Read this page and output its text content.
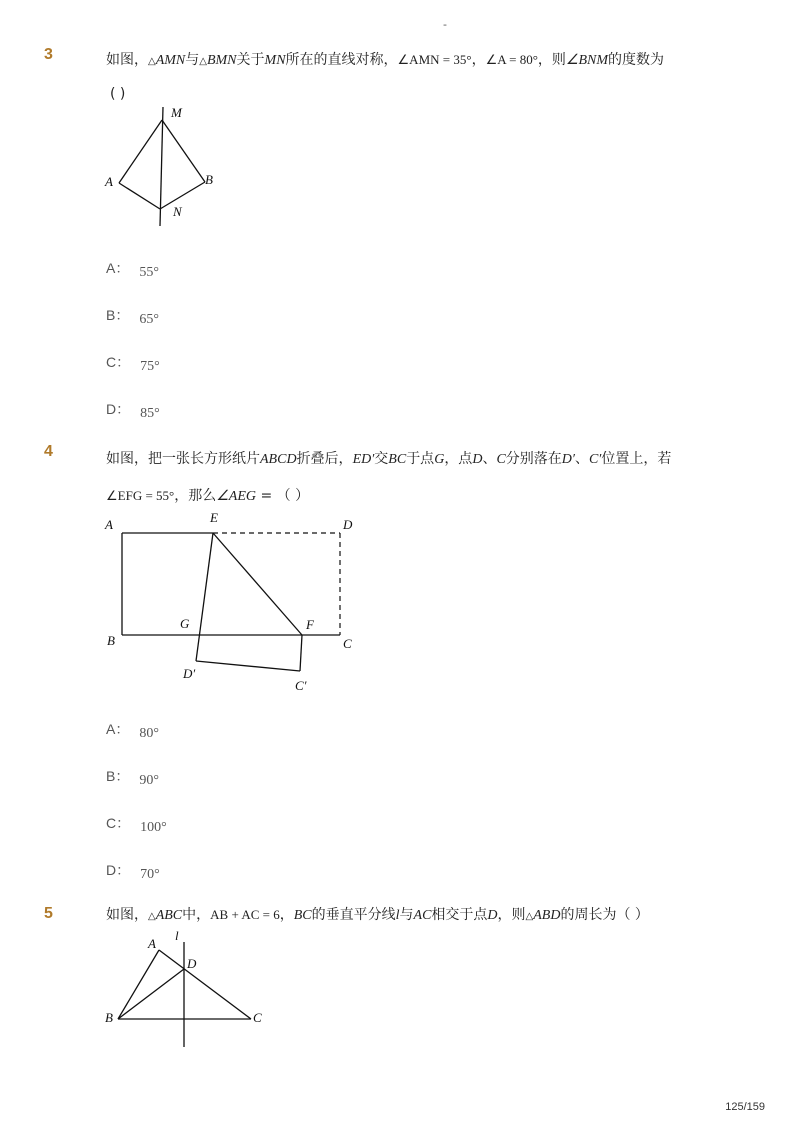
-
3	如图，△AMN与△BMN关于MN所在的直线对称，∠AMN = 35°，∠A = 80°，则∠BNM的度数为
( )
M
A	B
N
A： 55°
B： 65°
C： 75°
D： 85°
4	如图，把一张长方形纸片ABCD折叠后，ED′交BC于点G，点D、C分别落在D′、C′位置上，若
∠EFG = 55°，那么∠AEG = （ ）
A	E	D
B
G	F
C
D′
C′
A： 80°
B： 90°
C： 100°
D： 70°
5	如图，△ABC中，AB + AC = 6，BC的垂直平分线l与AC相交于点D，则△ABD的周长为（ ）
A
l
D
B	C
125/159
